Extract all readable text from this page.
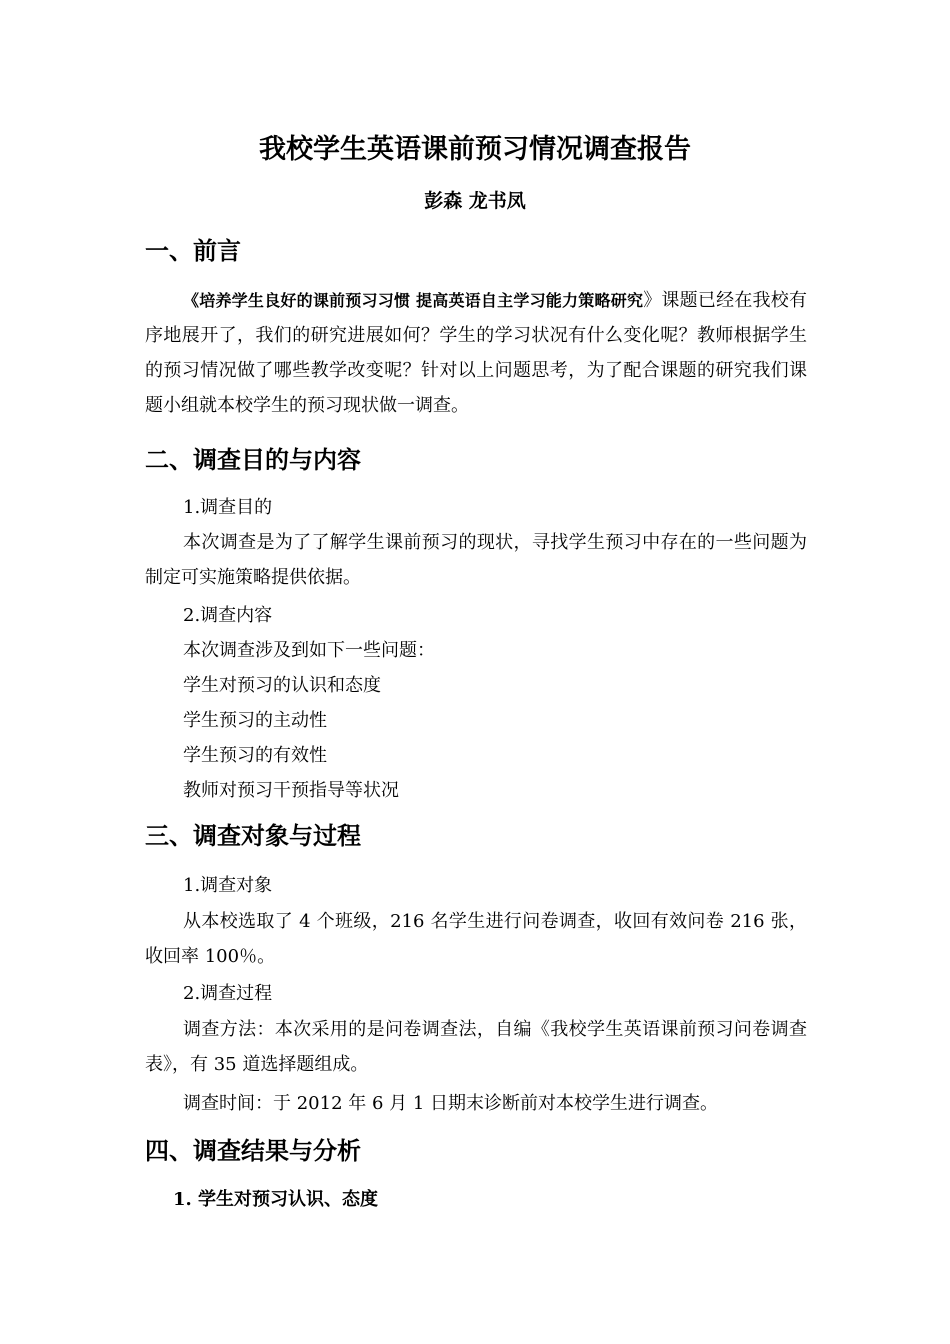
我校学生英语课前预习情况调查报告
彭森 龙书凤
一、前言

《培养学生良好的课前预习习惯 提高英语自主学习能力策略研究》课题已经在我校有序地展开了，我们的研究进展如何？学生的学习状况有什么变化呢？教师根据学生的预习情况做了哪些教学改变呢？针对以上问题思考，为了配合课题的研究我们课题小组就本校学生的预习现状做一调查。

二、调查目的与内容
1.调查目的

本次调查是为了了解学生课前预习的现状，寻找学生预习中存在的一些问题为制定可实施策略提供依据。

2.调查内容
本次调查涉及到如下一些问题：
学生对预习的认识和态度
学生预习的主动性
学生预习的有效性
教师对预习干预指导等状况
三、调查对象与过程
1.调查对象

从本校选取了 4 个班级，216 名学生进行问卷调查，收回有效问卷 216 张，收回率 100％。

2.调查过程

调查方法：本次采用的是问卷调查法，自编《我校学生英语课前预习问卷调查表》，有 35 道选择题组成。

调查时间：于 2012 年 6 月 1 日期末诊断前对本校学生进行调查。
四、调查结果与分析
1. 学生对预习认识、态度
